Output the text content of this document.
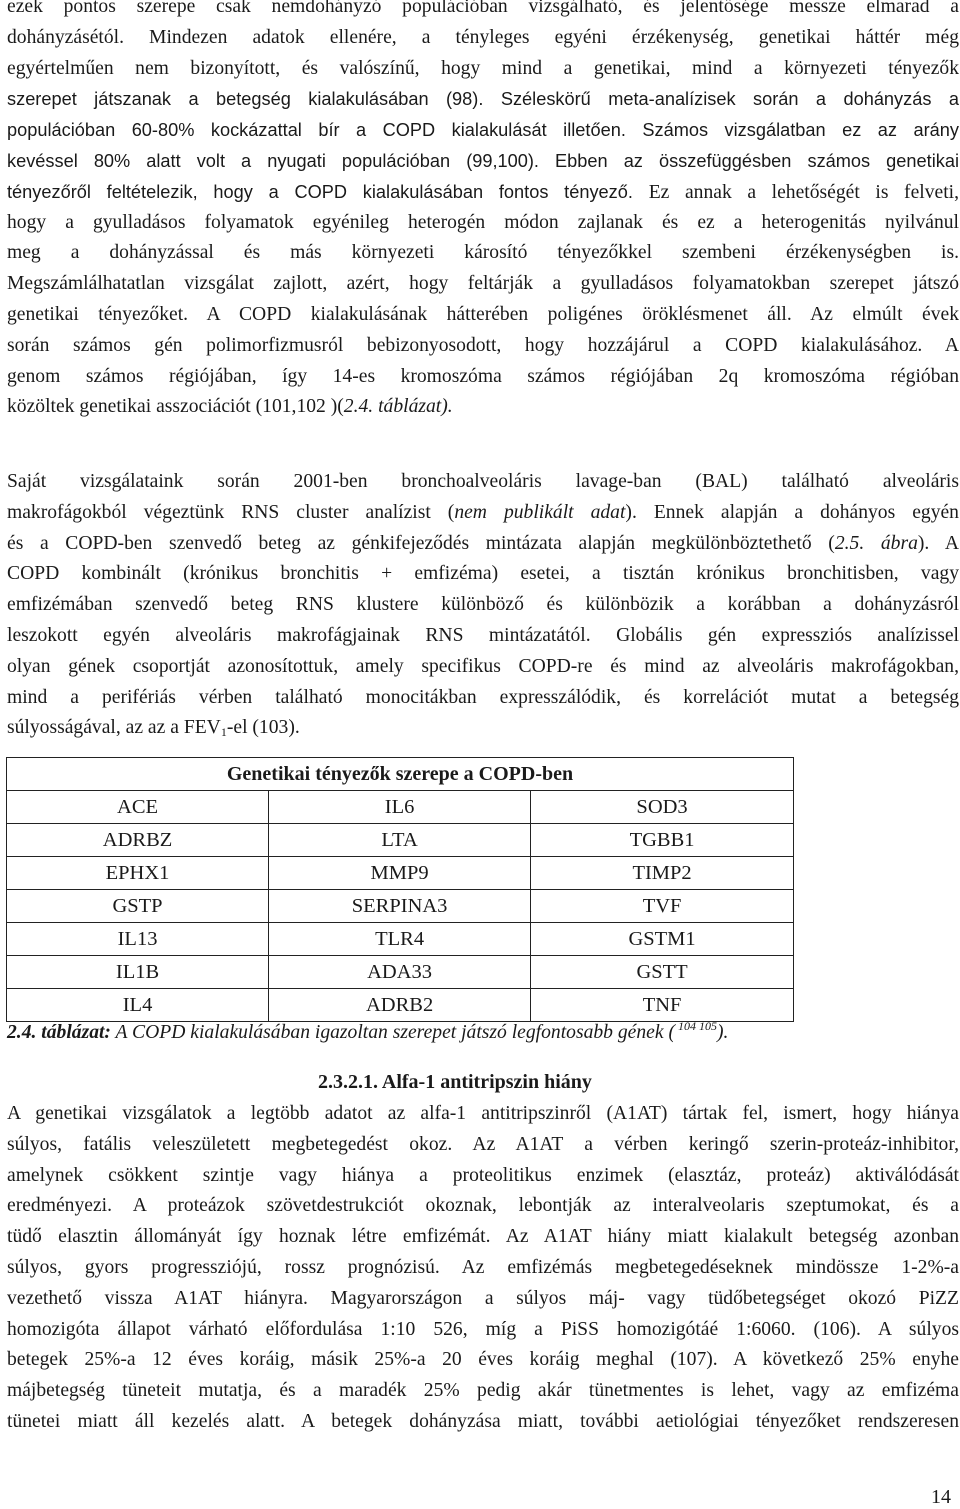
ezek pontos szerepe csak nemdohányzó populációban vizsgálható, és jelentősége messze elmarad a
dohányzásétól. Mindezen adatok ellenére, a tényleges egyéni érzékenység, genetikai háttér még
egyértelműen nem bizonyított, és valószínű, hogy mind a genetikai, mind a környezeti tényezők
szerepet játszanak a betegség kialakulásában (98). Széleskörű meta-analízisek során a dohányzás a
populációban 60-80% kockázattal bír a COPD kialakulását illetően. Számos vizsgálatban ez az arány
kevéssel 80% alatt volt a nyugati populációban (99,100). Ebben az összefüggésben számos genetikai
tényezőről feltételezik, hogy a COPD kialakulásában fontos tényező. Ez annak a lehetőségét is felveti,
hogy a gyulladásos folyamatok egyénileg heterogén módon zajlanak és ez a heterogenitás nyilvánul
meg a dohányzással és más környezeti károsító tényezőkkel szembeni érzékenységben is.
Megszámlálhatatlan vizsgálat zajlott, azért, hogy feltárják a gyulladásos folyamatokban szerepet játszó
genetikai tényezőket. A COPD kialakulásának hátterében poligénes öröklésmenet áll. Az elmúlt évek
során számos gén polimorfizmusról bebizonyosodott, hogy hozzájárul a COPD kialakulásához. A
genom számos régiójában, így 14-es kromoszóma számos régiójában 2q kromoszóma régióban
közöltek genetikai asszociációt (101,102 )(2.4. táblázat).
Saját vizsgálataink során 2001-ben bronchoalveoláris lavage-ban (BAL) található alveoláris
makrofágokból végeztünk RNS cluster analízist (nem publikált adat). Ennek alapján a dohányos egyén
és a COPD-ben szenvedő beteg az génkifejeződés mintázata alapján megkülönböztethető (2.5. ábra). A
COPD kombinált (krónikus bronchitis + emfizéma) esetei, a tisztán krónikus bronchitisben, vagy
emfizémában szenvedő beteg RNS klustere különböző és különbözik a korábban a dohányzásról
leszokott egyén alveoláris makrofágjainak RNS mintázatától. Globális gén expressziós analízissel
olyan gének csoportját azonosítottuk, amely specifikus COPD-re és mind az alveoláris makrofágokban,
mind a perifériás vérben található monocitákban expresszálódik, és korrelációt mutat a betegség
súlyosságával, az az a $FEV_1-el$ (103).
Genetikai tényezők szerepe a COPD-ben		
ACE	IL6	SOD3
ADRBZ	LTA	TGBB1
EPHX1	MMP9	TIMP2
GSTP	SERPINA3	TVF
IL13	TLR4	GSTM1
IL1B	ADA33	GSTT
IL4	ADRB2	TNF
2.4. táblázat: A COPD kialakulásában igazoltan szerepet játszó legfontosabb gének ( $^{104 105}$).
2.3.2.1. Alfa-1 antitripszin hiány
A genetikai vizsgálatok a legtöbb adatot az alfa-1 antitripszinről (A1AT) tártak fel, ismert, hogy hiánya
súlyos, fatális veleszületett megbetegedést okoz. Az A1AT a vérben keringő szerin-proteáz-inhibitor,
amelynek csökkent szintje vagy hiánya a proteolitikus enzimek (elasztáz, proteáz) aktiválódását
eredményezi. A proteázok szövetdestrukciót okoznak, lebontják az interalveolaris szeptumokat, és a
tüdő elasztin állományát így hoznak létre emfizémát. Az A1AT hiány miatt kialakult betegség azonban
súlyos, gyors progressziójú, rossz prognózisú. Az emfizémás megbetegedéseknek mindössze 1-2%-a
vezethető vissza A1AT hiányra. Magyarországon a súlyos máj- vagy tüdőbetegséget okozó PiZZ
homozigóta állapot várható előfordulása 1:10 526, míg a PiSS homozigótáé 1:6060. (106). A súlyos
betegek 25%-a 12 éves koráig, másik 25%-a 20 éves koráig meghal (107). A következő 25% enyhe
májbetegség tüneteit mutatja, és a maradék 25% pedig akár tünetmentes is lehet, vagy az emfizéma
tünetei miatt áll kezelés alatt. A betegek dohányzása miatt, további aetiológiai tényezőket rendszeresen
14
